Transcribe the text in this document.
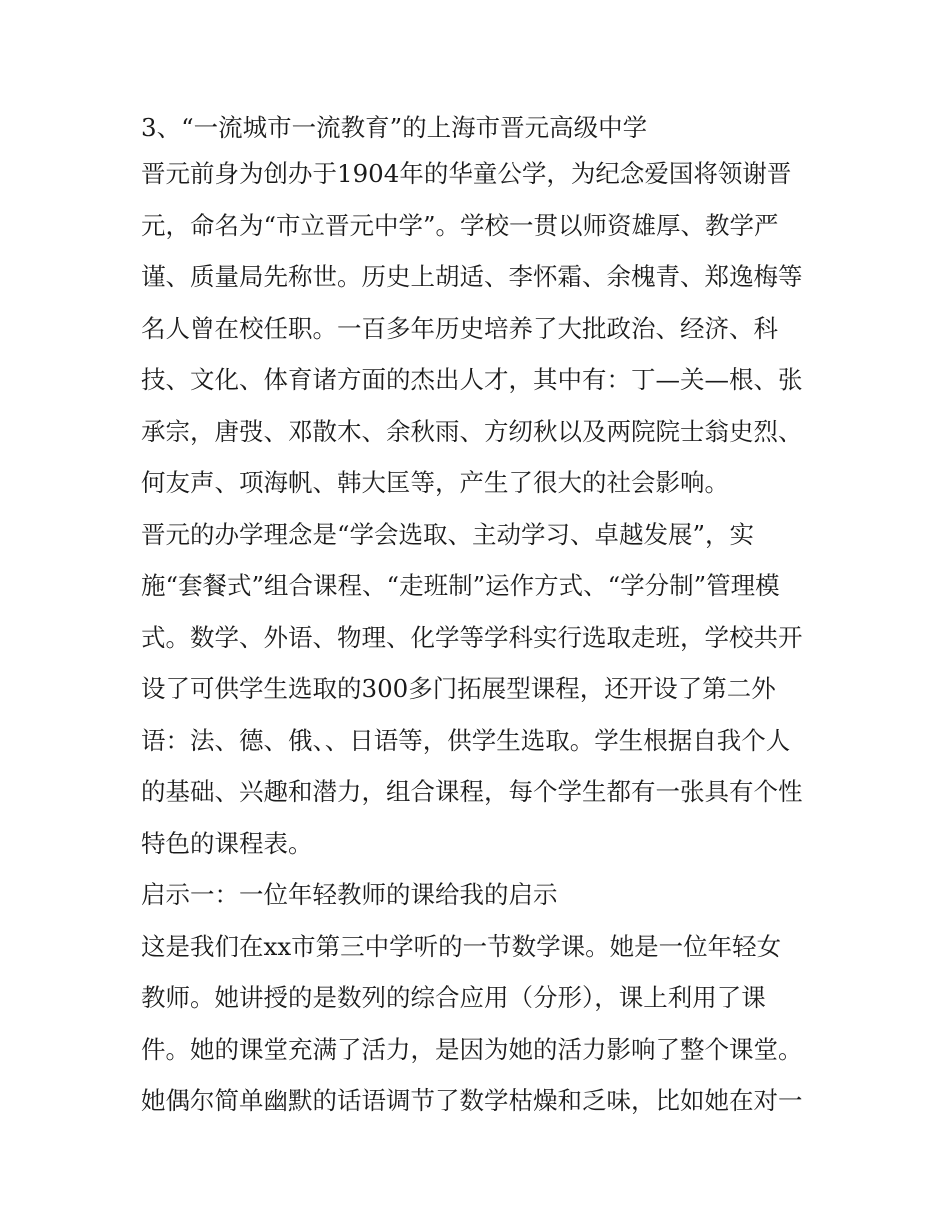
3、“一流城市一流教育”的上海市晋元高级中学
晋元前身为创办于1904年的华童公学，为纪念爱国将领谢晋
元，命名为“市立晋元中学”。学校一贯以师资雄厚、教学严
谨、质量局先称世。历史上胡适、李怀霜、余槐青、郑逸梅等
名人曾在校任职。一百多年历史培养了大批政治、经济、科
技、文化、体育诸方面的杰出人才，其中有：丁—关—根、张
承宗，唐弢、邓散木、余秋雨、方纫秋以及两院院士翁史烈、
何友声、项海帆、韩大匡等，产生了很大的社会影响。
晋元的办学理念是“学会选取、主动学习、卓越发展”，实
施“套餐式”组合课程、“走班制”运作方式、“学分制”管理模
式。数学、外语、物理、化学等学科实行选取走班，学校共开
设了可供学生选取的300多门拓展型课程，还开设了第二外
语：法、德、俄、、日语等，供学生选取。学生根据自我个人
的基础、兴趣和潜力，组合课程，每个学生都有一张具有个性
特色的课程表。
启示一：一位年轻教师的课给我的启示
这是我们在xx市第三中学听的一节数学课。她是一位年轻女
教师。她讲授的是数列的综合应用（分形），课上利用了课
件。她的课堂充满了活力，是因为她的活力影响了整个课堂。
她偶尔简单幽默的话语调节了数学枯燥和乏味，比如她在对一
